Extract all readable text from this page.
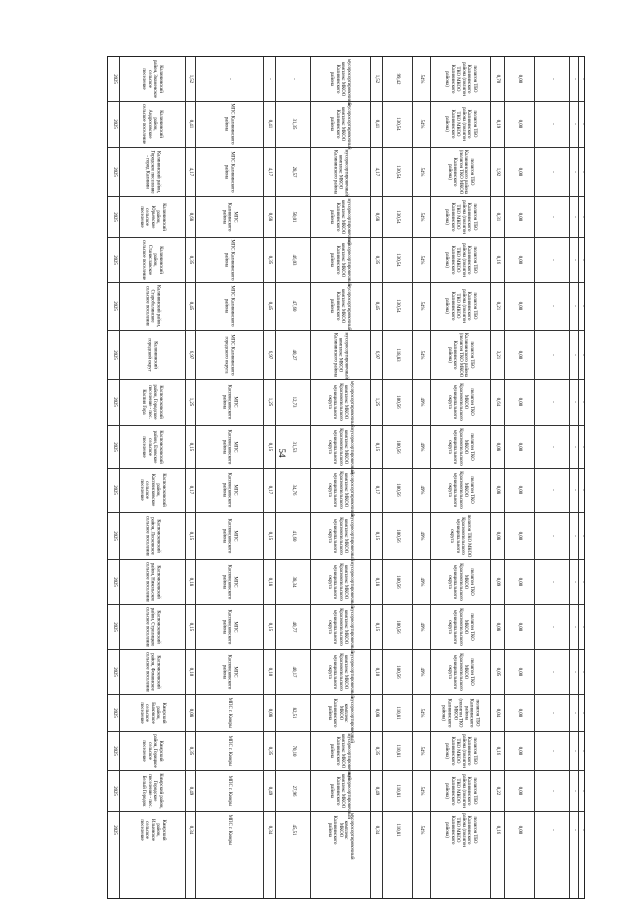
54
2025	Калининский район, Знаменское сельское поселение	1,52	-	-	-	мусоросортировочный комплекс МКОО Калининского района	1,52	99,42	54%	полигон ТБО Калининского района (полигон ТКО МКОО Калининского района)	0,70	0,00	-	- -
2025	Калининский район, Андросовское сельское поселение	0,41	МПС Калининского района	0,41	31,35	мусоросортировочный комплекс МКОО Калининского района	0,41	130,54	54%	полигон ТБО Калининского района (полигон ТКО МКОО Калининского района)	0,19	0,00	-	- -
2025	Калининский район, Городское поселение - город Калинин	4,17	МПС Калининского района	4,17	28,57	мусоросортировочный комплекс МКОО Калининского района	4,17	130,54	54%	полигон ТБО Калининского района (полигон ТКО МКОО Калининского района)	1,92	0,00	-	- -
2025	Калининский район, Юрьевское сельское поселение	0,68	МПС Калининского района	0,68	50,01	мусоросортировочный комплекс МКОО Калининского района	0,68	130,54	54%	полигон ТБО Калининского района (полигон ТКО МКОО Калининского района)	0,31	0,00	-	- -
2025	Калининский район, Станиславское сельское поселение	0,35	МПС Калининского района	0,35	46,03	мусоросортировочный комплекс МКОО Калининского района	0,35	130,54	54%	полигон ТБО Калининского района (полигон ТКО МКОО Калининского района)	0,16	0,00	-	- -
2025	Калининский район, Старобелинское сельское поселение	0,45	МПС Калининского района	0,45	47,60	мусоросортировочный комплекс МКОО Калининского района	0,45	130,54	54%	полигон ТБО Калининского района (полигон ТКО МКОО Калининского района)	0,21	0,00	-	- -
2025	Калининский городской округ	6,97	МПС Калининского городского округа	6,97	40,27	мусоросортировочный комплекс МКОО Калининского района	6,97	118,83	54%	полигон ТБО Калининского района (полигон ТКО МКОО Калининского района)	3,21	0,00	-	- -
2025	Каспоисковский район, Городское поселение - пос. Каспия Гора	1,25	МПС Каспоисковского района	1,25	12,73	мусоросортировочный комплекс МКОО Красноопольского муниципального округа	1,25	100,56	49%	полигон ТКО МКОО Красноопольского муниципального округа	0,64	0,00	-	- -
2025	Каспоисковский район, Езовское сельское поселение	0,15	МПС Каспоисковского района	0,15	31,53	мусоросортировочный комплекс МКОО Красноопольского муниципального округа	0,15	100,56	49%	полигон ТКО МКОО Красноопольского муниципального округа	0,08	0,00	-	- -
2025	Каспоисковский район, Каспоисковское сельское поселение	0,17	МПС Каспоисковского района	0,17	34,76	мусоросортировочный комплекс МКОО Красноопольского муниципального округа	0,17	100,56	49%	полигон ТКО МКОО Красноопольского муниципального округа	0,08	0,00	-	- -
2025	Каспоисковский район, Лесковское сельское поселение	0,15	МПС Каспоисковского района	0,15	41,60	мусоросортировочный комплекс МКОО Красноопольского муниципального округа	0,15	100,56	49%	полигон ТКО МКОО Красноопольского муниципального округа	0,08	0,00	-	- -
2025	Каспоисковский район, Никольское сельское поселение	0,18	МПС Каспоисковского района	0,18	38,34	мусоросортировочный комплекс МКОО Красноопольского муниципального округа	0,18	100,56	49%	полигон ТКО МКОО Красноопольского муниципального округа	0,09	0,00	-	- -
2025	Каспоисковский район, Стрелицкое сельское поселение	0,15	МПС Каспоисковского района	0,15	40,77	мусоросортировочный комплекс МКОО Красноопольского муниципального округа	0,15	100,56	49%	полигон ТКО МКОО Красноопольского муниципального округа	0,08	0,00	-	- -
2025	Каспоисковский район, Фоминское сельское поселение	0,10	МПС Каспоисковского района	0,10	40,17	мусоросортировочный комплекс МКОО Красноопольского муниципального округа	0,10	100,56	49%	полигон ТКО МКОО Красноопольского муниципального округа	0,05	0,00	-	- -
2025	Кимрский район, Быковское сельское поселение	0,08	МПС г. Кимры	0,08	82,51	мусоросортировочный комплекс МКОО Калининского района	0,08	110,81	54%	полигон ТБО Калининского района (полигон ТКО МКОО Калининского района)	0,04	0,00	-	- -
2025	Кимрский район, Горицкое сельское поселение	0,35	МПС г. Кимры	0,35	70,10	мусоросортировочный комплекс МКОО Калининского района	0,35	110,81	54%	полигон ТБО Калининского района (полигон ТКО МКОО Калининского района)	0,16	0,00	-	- -
2025	Кимрский район, Городское поселение - пос. Белый Городок	0,49	МПС г. Кимры	0,49	27,96	мусоросортировочный комплекс МКОО Калининского района	0,49	110,81	54%	полигон ТБО Калининского района (полигон ТКО МКОО Калининского района)	0,22	0,00	-	- -
2025	Кимрский район, Ильинское сельское поселение	0,34	МПС г. Кимры	0,34	45,51	мусоросортировочный комплекс МКОО Калининского района	0,34	110,81	54%	полигон ТБО Калининского района (полигон ТКО МКОО Калининского района)	0,16	0,00	-	- -
